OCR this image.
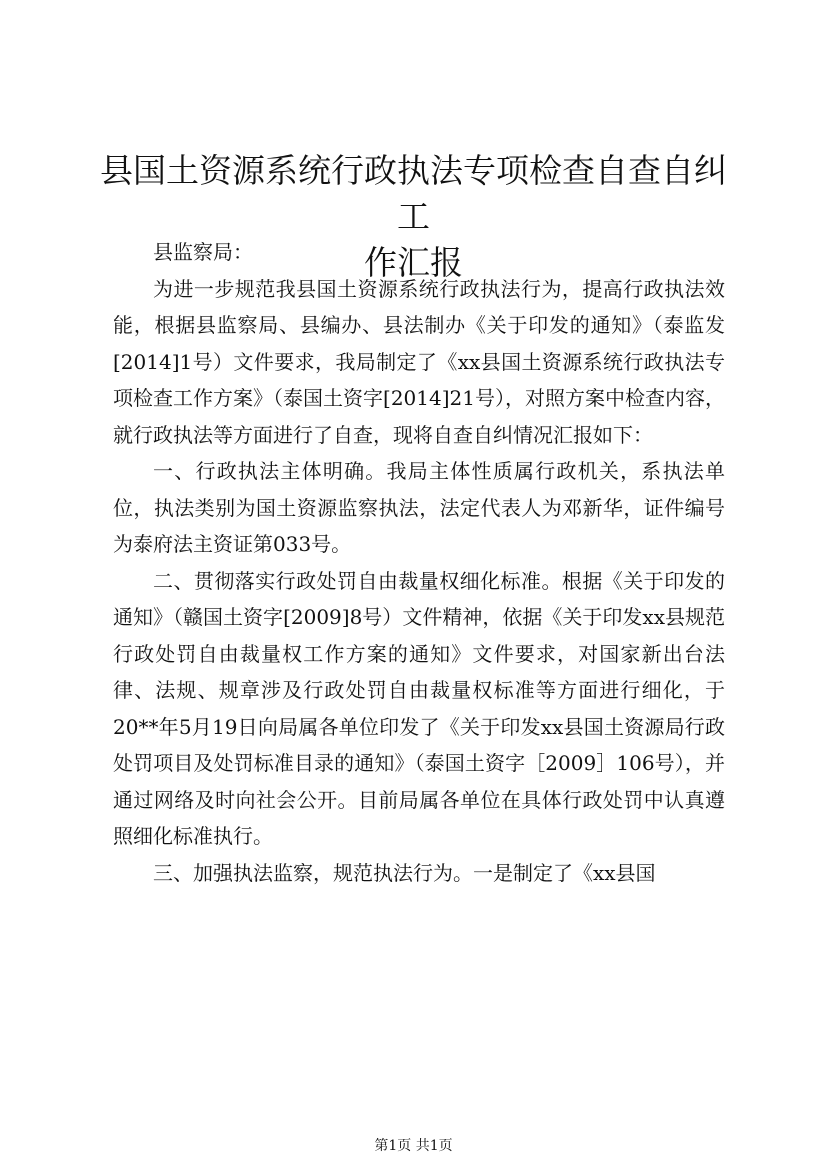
县国土资源系统行政执法专项检查自查自纠工
作汇报

县监察局：

为进一步规范我县国土资源系统行政执法行为，提高行政执法效能，根据县监察局、县编办、县法制办《关于印发的通知》（泰监发[2014]1号）文件要求，我局制定了《xx县国土资源系统行政执法专项检查工作方案》（泰国土资字[2014]21号），对照方案中检查内容，就行政执法等方面进行了自查，现将自查自纠情况汇报如下：

一、行政执法主体明确。我局主体性质属行政机关，系执法单位，执法类别为国土资源监察执法，法定代表人为邓新华，证件编号为泰府法主资证第033号。

二、贯彻落实行政处罚自由裁量权细化标准。根据《关于印发的通知》（赣国土资字[2009]8号）文件精神，依据《关于印发xx县规范行政处罚自由裁量权工作方案的通知》文件要求，对国家新出台法律、法规、规章涉及行政处罚自由裁量权标准等方面进行细化，于20**年5月19日向局属各单位印发了《关于印发xx县国土资源局行政处罚项目及处罚标准目录的通知》（泰国土资字［2009］106号），并通过网络及时向社会公开。目前局属各单位在具体行政处罚中认真遵照细化标准执行。

三、加强执法监察，规范执法行为。一是制定了《xx县国

第1页 共1页
